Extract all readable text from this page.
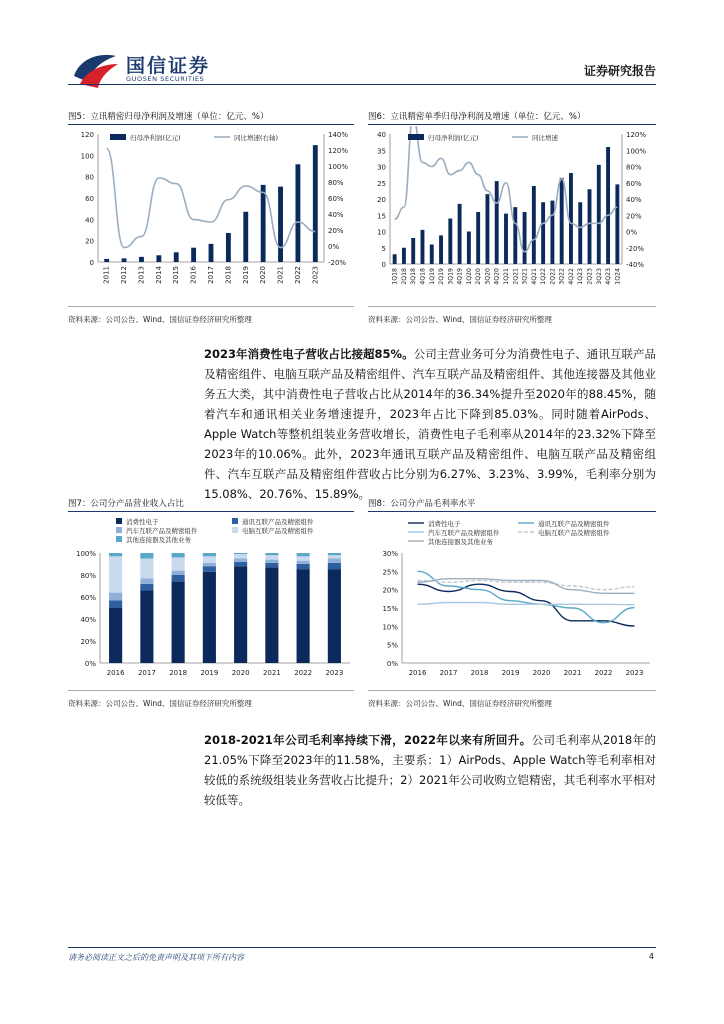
国信证券
GUOSEN SECURITIES
证券研究报告
图5：立讯精密归母净利润及增速（单位：亿元、%）
0
20
40
60
80
100
120
-20%
0%
20%
40%
60%
80%
100%
120%
140%
2011 2012 2013 2014 2015 2016 2017 2018 2019 2020 2021 2022 2023
归母净利润(亿元)	同比增速(右轴)
资料来源：公司公告、Wind、国信证券经济研究所整理
图6：立讯精密单季归母净利润及增速（单位：亿元、%）
0
5
10
15
20
25
30
35
40
-40%
-20%
0%
20%
40%
60%
80%
100%
120%
1Q18 2Q18 3Q18 4Q18 1Q19 2Q19 3Q19 4Q19 1Q20 2Q20 3Q20 4Q20 1Q21 2Q21 3Q21 4Q21 1Q22 2Q22 3Q22 4Q22 1Q23 2Q23 3Q23 4Q23 1Q24
归母净利润(亿元)	同比增速
资料来源：公司公告、Wind、国信证券经济研究所整理
2023年消费性电子营收占比接超85%。公司主营业务可分为消费性电子、通讯互联产品及精密组件、电脑互联产品及精密组件、汽车互联产品及精密组件、其他连接器及其他业务五大类，其中消费性电子营收占比从2014年的36.34%提升至2020年的88.45%，随着汽车和通讯相关业务增速提升，2023年占比下降到85.03%。同时随着AirPods、Apple Watch等整机组装业务营收增长，消费性电子毛利率从2014年的23.32%下降至2023年的10.06%。此外，2023年通讯互联产品及精密组件、电脑互联产品及精密组件、汽车互联产品及精密组件营收占比分别为6.27%、3.23%、3.99%，毛利率分别为15.08%、20.76%、15.89%。
图7：公司分产品营业收入占比
0%
20%
40%
60%
80%
100%
2016 2017 2018 2019 2020 2021 2022 2023
消费性电子	通讯互联产品及精密组件
汽车互联产品及精密组件	电脑互联产品及精密组件
其他连接器及其他业务
资料来源：公司公告、Wind、国信证券经济研究所整理
图8：公司分产品毛利率水平
0%
5%
10%
15%
20%
25%
30%
2016 2017 2018 2019 2020 2021 2022 2023
消费性电子	通讯互联产品及精密组件
汽车互联产品及精密组件	电脑互联产品及精密组件
其他连接器及其他业务
资料来源：公司公告、Wind、国信证券经济研究所整理
2018-2021年公司毛利率持续下滑，2022年以来有所回升。公司毛利率从2018年的21.05%下降至2023年的11.58%，主要系：1）AirPods、Apple Watch等毛利率相对较低的系统级组装业务营收占比提升；2）2021年公司收购立铠精密，其毛利率水平相对较低等。
请务必阅读正文之后的免责声明及其项下所有内容	4
